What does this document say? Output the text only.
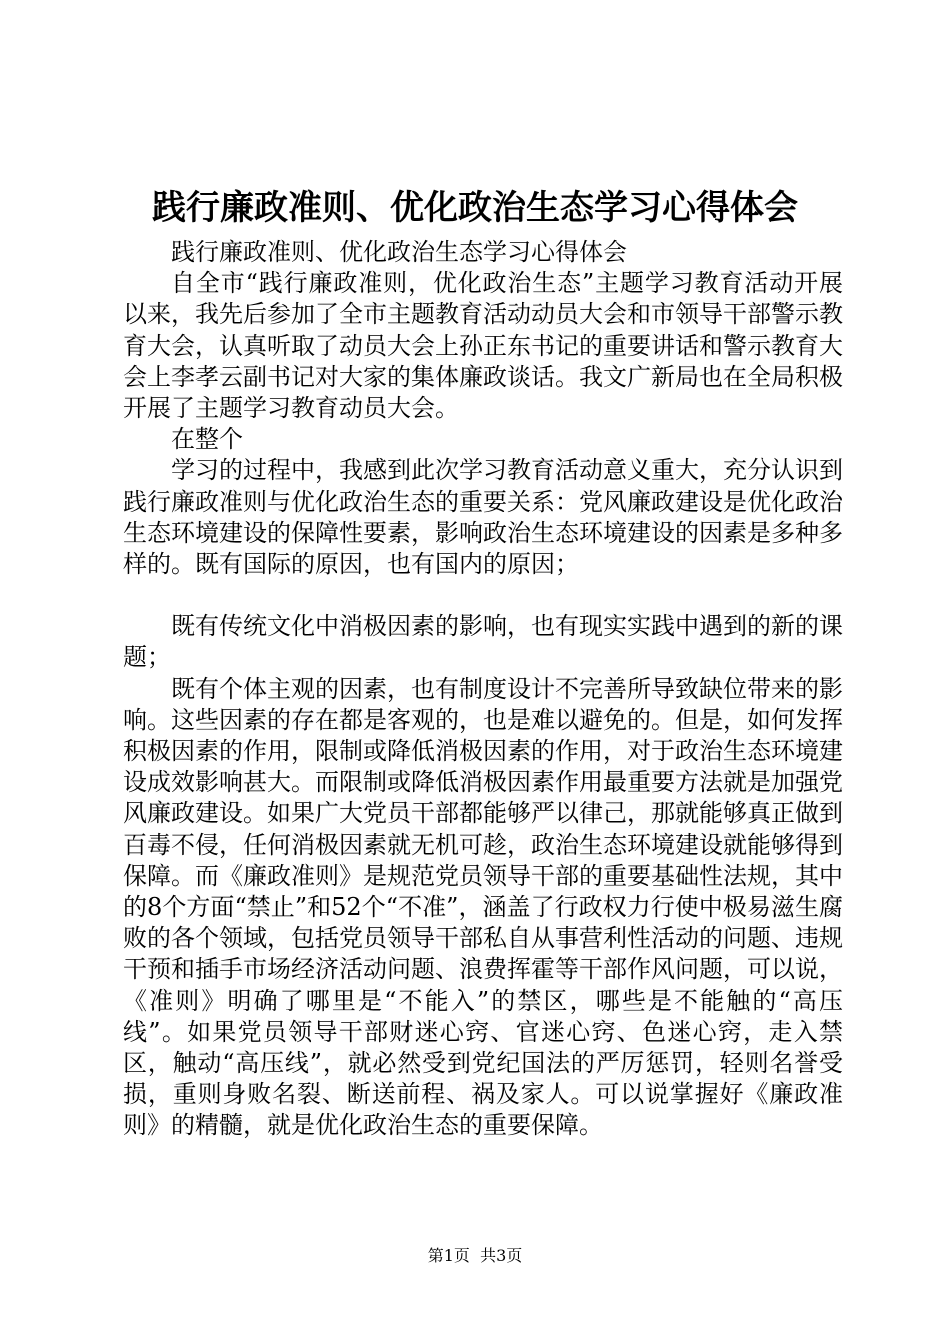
践行廉政准则、优化政治生态学习心得体会

践行廉政准则、优化政治生态学习心得体会

自全市“践行廉政准则，优化政治生态”主题学习教育活动开展以来，我先后参加了全市主题教育活动动员大会和市领导干部警示教育大会，认真听取了动员大会上孙正东书记的重要讲话和警示教育大会上李孝云副书记对大家的集体廉政谈话。我文广新局也在全局积极开展了主题学习教育动员大会。

在整个

学习的过程中，我感到此次学习教育活动意义重大，充分认识到践行廉政准则与优化政治生态的重要关系：党风廉政建设是优化政治生态环境建设的保障性要素，影响政治生态环境建设的因素是多种多样的。既有国际的原因，也有国内的原因；

既有传统文化中消极因素的影响，也有现实实践中遇到的新的课题；

既有个体主观的因素，也有制度设计不完善所导致缺位带来的影响。这些因素的存在都是客观的，也是难以避免的。但是，如何发挥积极因素的作用，限制或降低消极因素的作用，对于政治生态环境建设成效影响甚大。而限制或降低消极因素作用最重要方法就是加强党风廉政建设。如果广大党员干部都能够严以律己，那就能够真正做到百毒不侵，任何消极因素就无机可趁，政治生态环境建设就能够得到保障。而《廉政准则》是规范党员领导干部的重要基础性法规，其中的8个方面“禁止”和52个“不准”，涵盖了行政权力行使中极易滋生腐败的各个领域，包括党员领导干部私自从事营利性活动的问题、违规干预和插手市场经济活动问题、浪费挥霍等干部作风问题，可以说，《准则》明确了哪里是“不能入”的禁区，哪些是不能触的“高压线”。如果党员领导干部财迷心窍、官迷心窍、色迷心窍，走入禁区，触动“高压线”，就必然受到党纪国法的严厉惩罚，轻则名誉受损，重则身败名裂、断送前程、祸及家人。可以说掌握好《廉政准则》的精髓，就是优化政治生态的重要保障。

第1页  共3页
